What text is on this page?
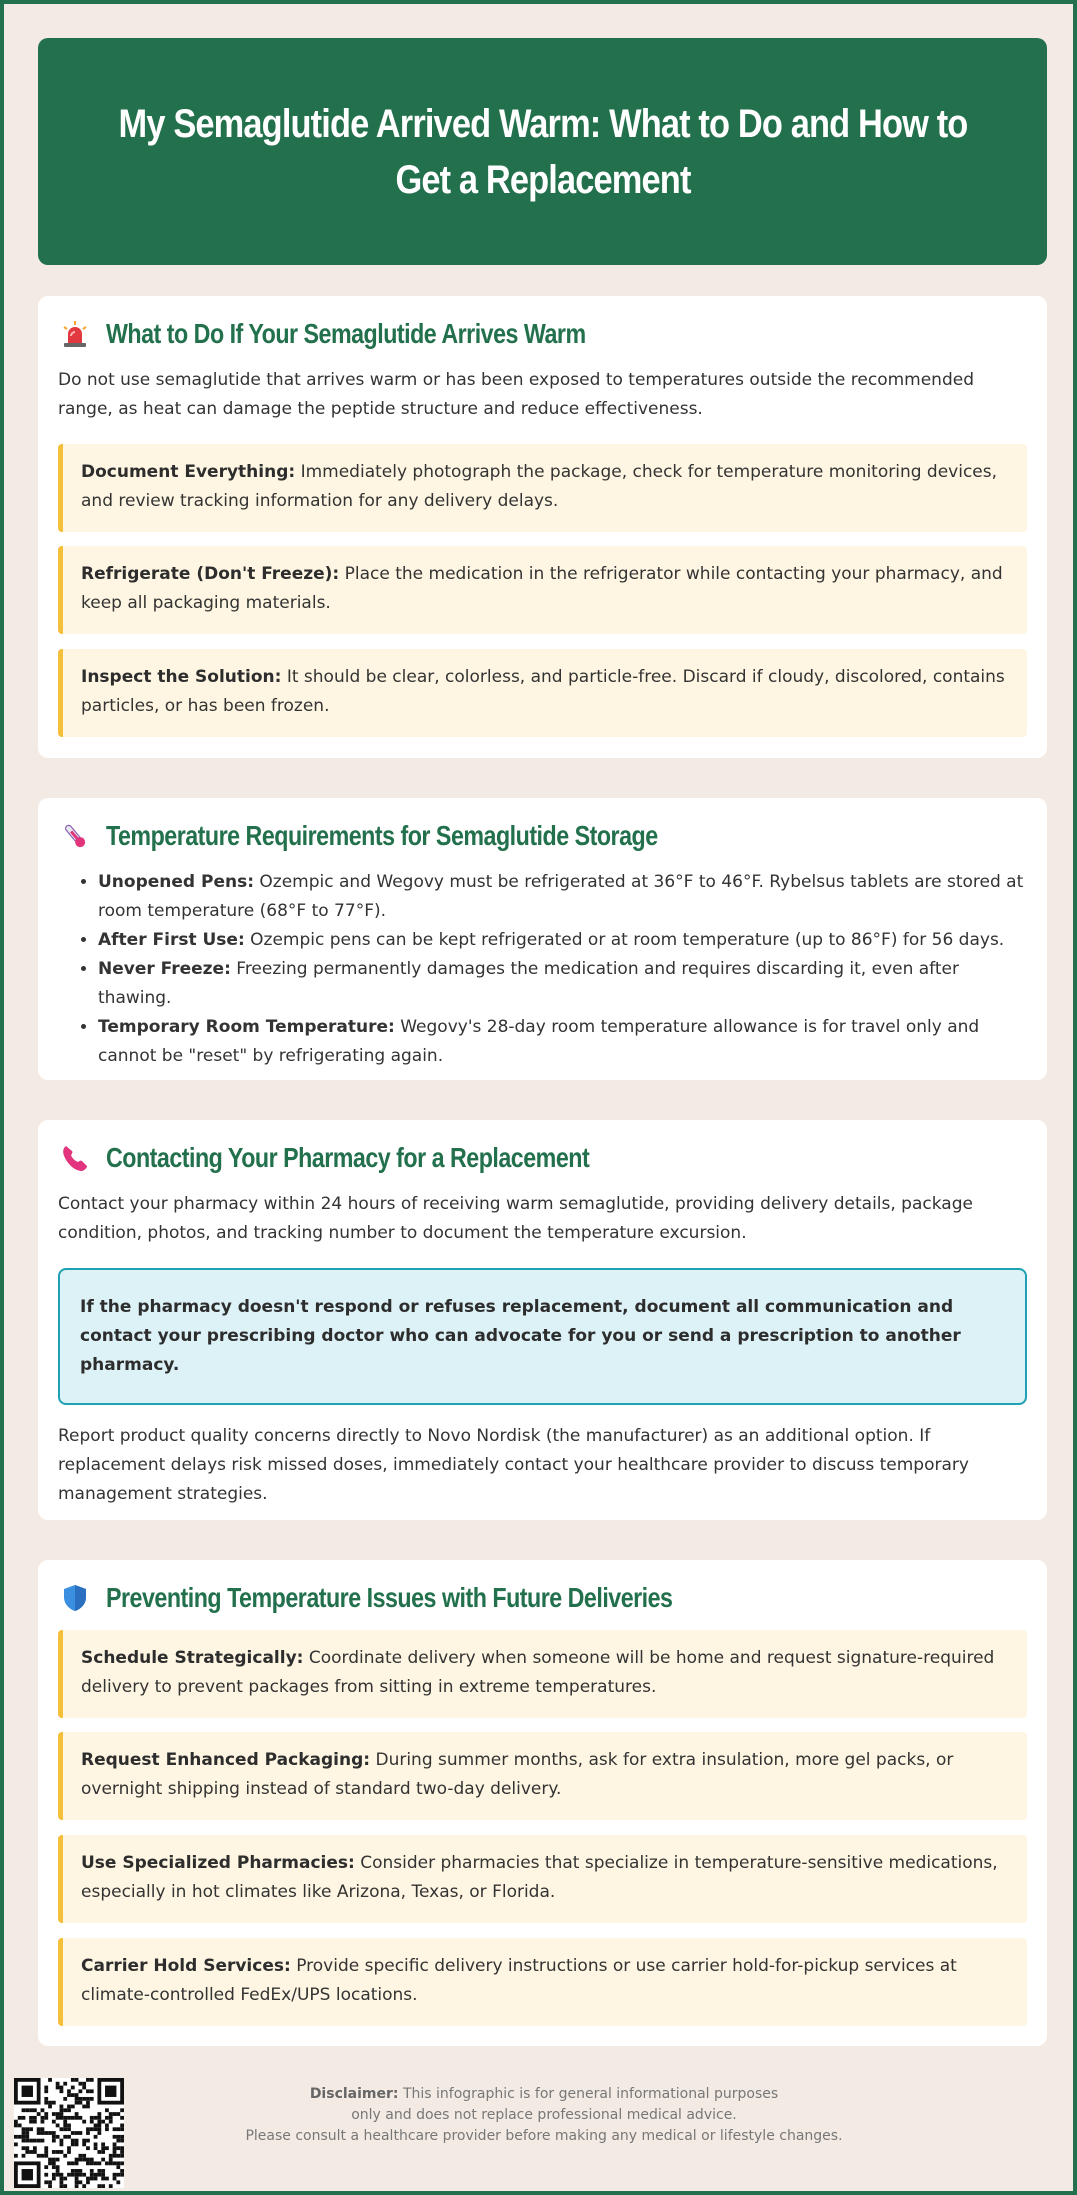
My Semaglutide Arrived Warm: What to Do and How to Get a Replacement
What to Do If Your Semaglutide Arrives Warm

Do not use semaglutide that arrives warm or has been exposed to temperatures outside the recommended range, as heat can damage the peptide structure and reduce effectiveness.

Document Everything: Immediately photograph the package, check for temperature monitoring devices, and review tracking information for any delivery delays.
Refrigerate (Don't Freeze): Place the medication in the refrigerator while contacting your pharmacy, and keep all packaging materials.
Inspect the Solution: It should be clear, colorless, and particle-free. Discard if cloudy, discolored, contains particles, or has been frozen.
Temperature Requirements for Semaglutide Storage
• Unopened Pens: Ozempic and Wegovy must be refrigerated at 36°F to 46°F. Rybelsus tablets are stored at room temperature (68°F to 77°F).
• After First Use: Ozempic pens can be kept refrigerated or at room temperature (up to 86°F) for 56 days.
• Never Freeze: Freezing permanently damages the medication and requires discarding it, even after thawing.
• Temporary Room Temperature: Wegovy's 28-day room temperature allowance is for travel only and cannot be "reset" by refrigerating again.
Contacting Your Pharmacy for a Replacement

Contact your pharmacy within 24 hours of receiving warm semaglutide, providing delivery details, package condition, photos, and tracking number to document the temperature excursion.

If the pharmacy doesn't respond or refuses replacement, document all communication and contact your prescribing doctor who can advocate for you or send a prescription to another pharmacy.

Report product quality concerns directly to Novo Nordisk (the manufacturer) as an additional option. If replacement delays risk missed doses, immediately contact your healthcare provider to discuss temporary management strategies.

Preventing Temperature Issues with Future Deliveries
Schedule Strategically: Coordinate delivery when someone will be home and request signature-required delivery to prevent packages from sitting in extreme temperatures.
Request Enhanced Packaging: During summer months, ask for extra insulation, more gel packs, or overnight shipping instead of standard two-day delivery.
Use Specialized Pharmacies: Consider pharmacies that specialize in temperature-sensitive medications, especially in hot climates like Arizona, Texas, or Florida.
Carrier Hold Services: Provide specific delivery instructions or use carrier hold-for-pickup services at climate-controlled FedEx/UPS locations.
Disclaimer: This infographic is for general informational purposes
only and does not replace professional medical advice.
Please consult a healthcare provider before making any medical or lifestyle changes.
